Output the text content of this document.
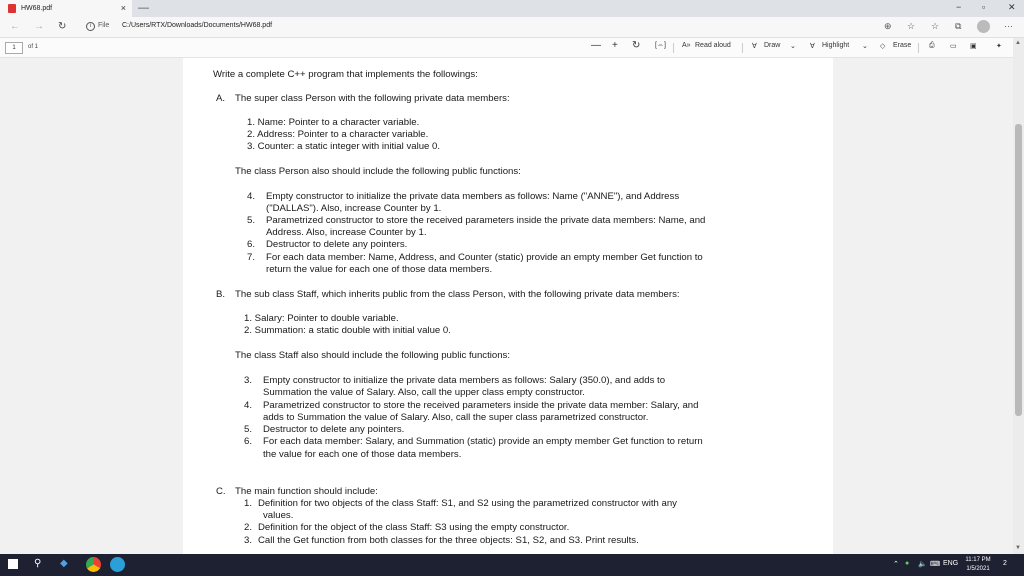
HW68.pdf	× —	− ▫	✕
← → ↻	i File C:/Users/RTX/Downloads/Documents/HW68.pdf	⊕ ☆ ☆ ⧉	···
1	of 1	— + ↻ [⇔] A» Read aloud	∀ Draw ⌄ ∀ Highlight ⌄ ◇ Erase	⎙ ▭ ▣	✦
Write a complete C++ program that implements the followings:
A. The super class Person with the following private data members:
1. Name: Pointer to a character variable.
2. Address: Pointer to a character variable.
3. Counter: a static integer with initial value 0.
The class Person also should include the following public functions:
4. Empty constructor to initialize the private data members as follows: Name ("ANNE"), and Address
("DALLAS"). Also, increase Counter by 1.
5. Parametrized constructor to store the received parameters inside the private data members: Name, and
Address. Also, increase Counter by 1.
6. Destructor to delete any pointers.
7. For each data member: Name, Address, and Counter (static) provide an empty member Get function to
return the value for each one of those data members.
B. The sub class Staff, which inherits public from the class Person, with the following private data members:
1. Salary: Pointer to double variable.
2. Summation: a static double with initial value 0.
The class Staff also should include the following public functions:
3. Empty constructor to initialize the private data members as follows: Salary (350.0), and adds to
Summation the value of Salary. Also, call the upper class empty constructor.
4. Parametrized constructor to store the received parameters inside the private data member: Salary, and
adds to Summation the value of Salary. Also, call the super class parametrized constructor.
5. Destructor to delete any pointers.
6. For each data member: Salary, and Summation (static) provide an empty member Get function to return
the value for each one of those data members.
C. The main function should include:
1. Definition for two objects of the class Staff: S1, and S2 using the parametrized constructor with any
values.
2. Definition for the object of the class Staff: S3 using the empty constructor.
3. Call the Get function from both classes for the three objects: S1, S2, and S3. Print results.
▲
▼
⚲ ◆	⌃ ● 🔈 ⌨ ENG	11:17 PM
1/5/2021
2
